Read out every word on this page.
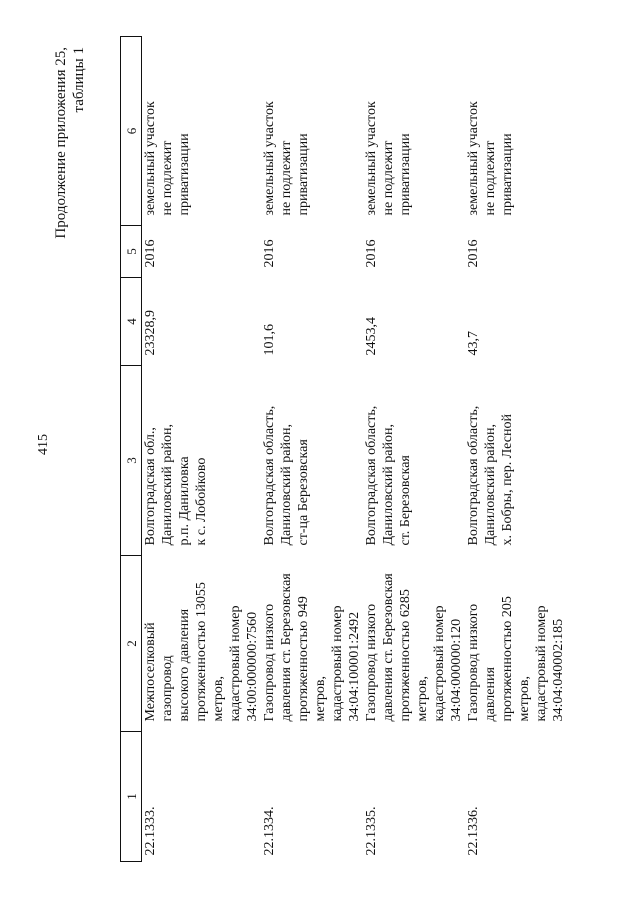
415
Продолжение приложения 25, таблицы 1
1	2	3	4	5	6
22.1333.	Межпоселковый газопровод высокого давления протяженностью 13055 метров, кадастровый номер 34:00:000000:7560	Волгоградская обл., Даниловский район, р.п. Даниловка к с. Лобойково	23328,9	2016	земельный участок не подлежит приватизации

22.1334.	Газопровод низкого давления ст. Березовская протяженностью 949 метров, кадастровый номер 34:04:100001:2492	Волгоградская область, Даниловский район, ст-ца Березовская	101,6	2016	земельный участок не подлежит приватизации

22.1335.	Газопровод низкого давления ст. Березовская протяженностью 6285 метров, кадастровый номер 34:04:000000:120	Волгоградская область, Даниловский район, ст. Березовская	2453,4	2016	земельный участок не подлежит приватизации

22.1336.	Газопровод низкого давления протяженностью 205 метров, кадастровый номер 34:04:040002:185	Волгоградская область, Даниловский район, х. Бобры, пер. Лесной	43,7	2016	земельный участок не подлежит приватизации
